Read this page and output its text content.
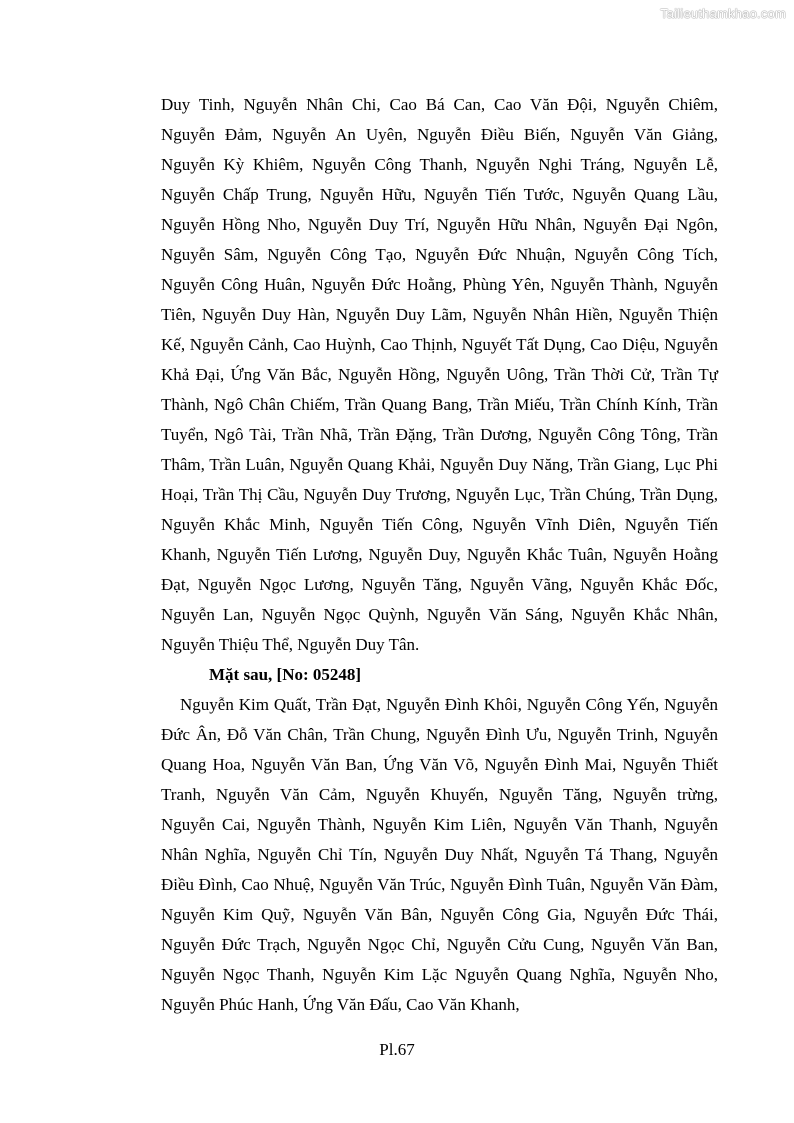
Tailieuthamkhao.com

Duy Tinh, Nguyễn Nhân Chi, Cao Bá Can, Cao Văn Đội, Nguyễn Chiêm, Nguyễn Đảm, Nguyễn An Uyên, Nguyễn Điều Biến, Nguyễn Văn Giảng, Nguyễn Kỳ Khiêm, Nguyễn Công Thanh, Nguyễn Nghi Tráng, Nguyễn Lễ, Nguyễn Chấp Trung, Nguyễn Hữu, Nguyễn Tiến Tước, Nguyễn Quang Lầu, Nguyễn Hồng Nho, Nguyễn Duy Trí, Nguyễn Hữu Nhân, Nguyễn Đại Ngôn, Nguyễn Sâm, Nguyễn Công Tạo, Nguyễn Đức Nhuận, Nguyễn Công Tích, Nguyễn Công Huân, Nguyễn Đức Hoằng, Phùng Yên, Nguyễn Thành, Nguyễn Tiên, Nguyễn Duy Hàn, Nguyễn Duy Lãm, Nguyễn Nhân Hiền, Nguyễn Thiện Kế, Nguyễn Cảnh, Cao Huỳnh, Cao Thịnh, Nguyết Tất Dụng, Cao Diệu, Nguyễn Khả Đại, Ứng Văn Bắc, Nguyễn Hồng, Nguyễn Uông, Trần Thời Cử, Trần Tự Thành, Ngô Chân Chiếm, Trần Quang Bang, Trần Miếu, Trần Chính Kính, Trần Tuyển, Ngô Tài, Trần Nhã, Trần Đặng, Trần Dương, Nguyễn Công Tông, Trần Thâm, Trần Luân, Nguyễn Quang Khải, Nguyễn Duy Năng, Trần Giang, Lục Phi Hoại, Trần Thị Cầu, Nguyễn Duy Trương, Nguyễn Lục, Trần Chúng, Trần Dụng, Nguyễn Khắc Minh, Nguyễn Tiến Công, Nguyễn Vĩnh Diên, Nguyễn Tiến Khanh, Nguyễn Tiến Lương, Nguyễn Duy, Nguyễn Khắc Tuân, Nguyễn Hoằng Đạt, Nguyễn Ngọc Lương, Nguyễn Tăng, Nguyễn Vãng, Nguyễn Khắc Đốc, Nguyễn Lan, Nguyễn Ngọc Quỳnh, Nguyễn Văn Sáng, Nguyễn Khắc Nhân, Nguyễn Thiệu Thể, Nguyễn Duy Tân.

Mặt sau, [No: 05248]

Nguyễn Kim Quất, Trần Đạt, Nguyễn Đình Khôi, Nguyễn Công Yến, Nguyễn Đức Ân, Đỗ Văn Chân, Trần Chung, Nguyễn Đình Ưu, Nguyễn Trinh, Nguyễn Quang Hoa, Nguyễn Văn Ban, Ứng Văn Võ, Nguyễn Đình Mai, Nguyễn Thiết Tranh, Nguyễn Văn Cảm, Nguyễn Khuyến, Nguyễn Tăng, Nguyễn trừng, Nguyễn Cai, Nguyễn Thành, Nguyễn Kim Liên, Nguyễn Văn Thanh, Nguyễn Nhân Nghĩa, Nguyễn Chỉ Tín, Nguyễn Duy Nhất, Nguyễn Tá Thang, Nguyễn Điều Đình, Cao Nhuệ, Nguyễn Văn Trúc, Nguyễn Đình Tuân, Nguyễn Văn Đàm, Nguyễn Kim Quỹ, Nguyễn Văn Bân, Nguyễn Công Gia, Nguyễn Đức Thái, Nguyễn Đức Trạch, Nguyễn Ngọc Chỉ, Nguyễn Cửu Cung, Nguyễn Văn Ban, Nguyễn Ngọc Thanh, Nguyễn Kim Lặc Nguyễn Quang Nghĩa, Nguyễn Nho, Nguyễn Phúc Hanh, Ứng Văn Đấu, Cao Văn Khanh,

Pl.67
